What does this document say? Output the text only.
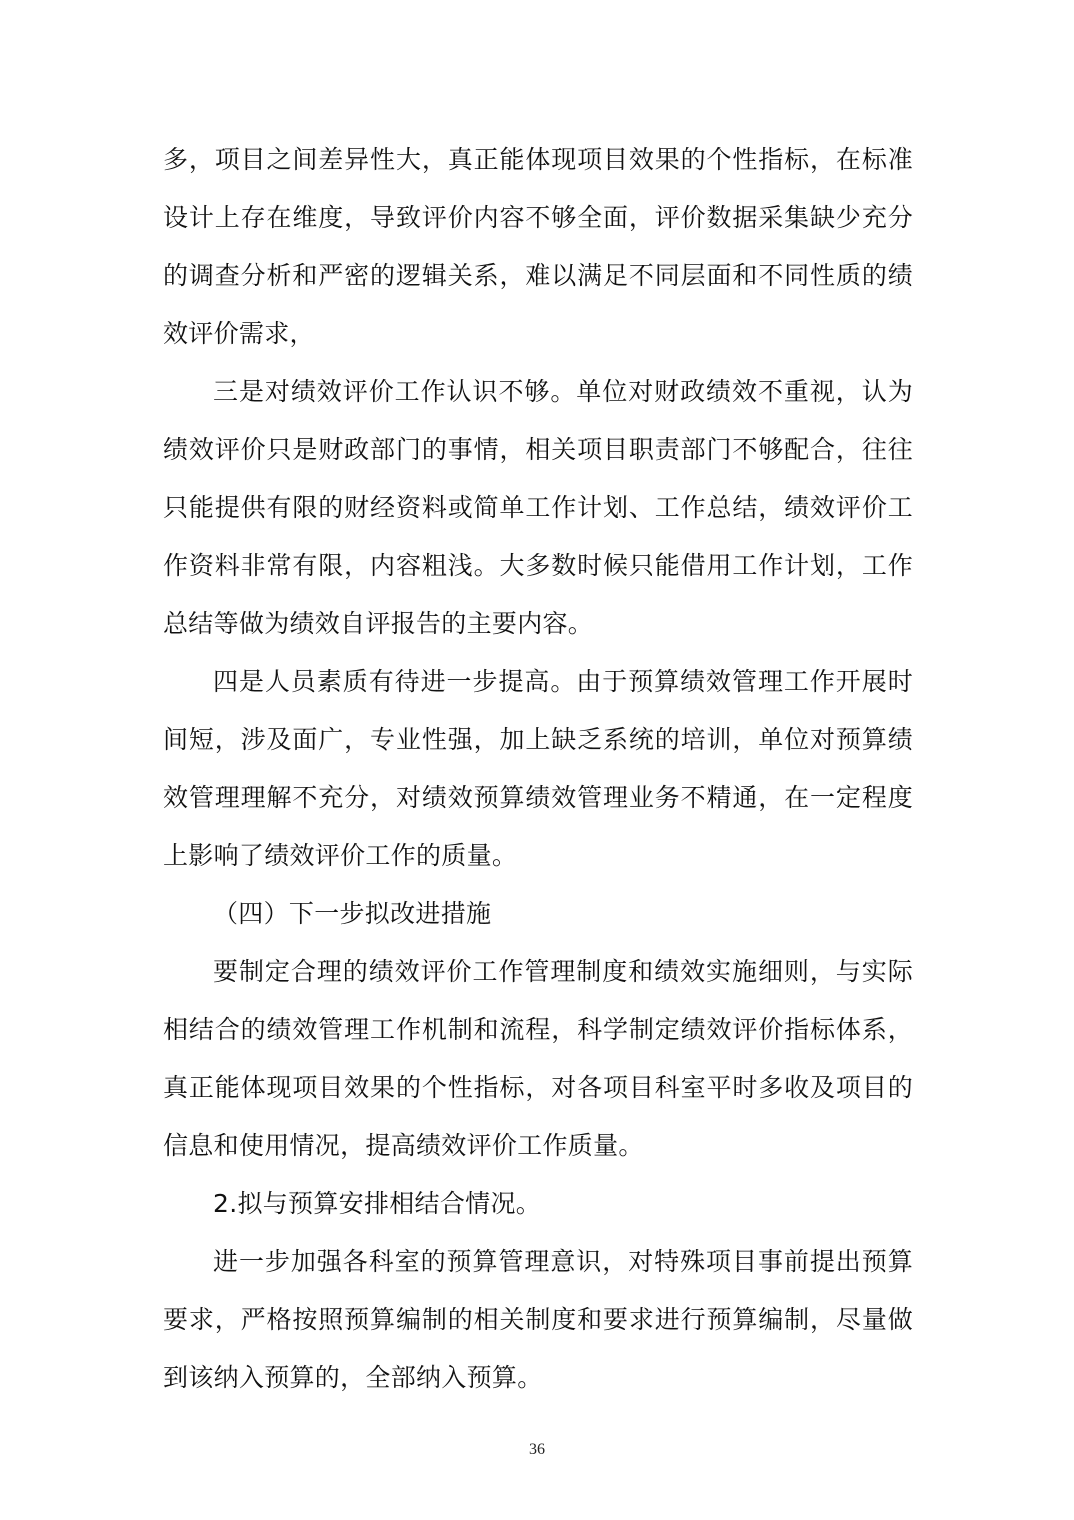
多，项目之间差异性大，真正能体现项目效果的个性指标，在标准设计上存在维度，导致评价内容不够全面，评价数据采集缺少充分的调查分析和严密的逻辑关系，难以满足不同层面和不同性质的绩效评价需求，

三是对绩效评价工作认识不够。单位对财政绩效不重视，认为绩效评价只是财政部门的事情，相关项目职责部门不够配合，往往只能提供有限的财经资料或简单工作计划、工作总结，绩效评价工作资料非常有限，内容粗浅。大多数时候只能借用工作计划，工作总结等做为绩效自评报告的主要内容。

四是人员素质有待进一步提高。由于预算绩效管理工作开展时间短，涉及面广，专业性强，加上缺乏系统的培训，单位对预算绩效管理理解不充分，对绩效预算绩效管理业务不精通，在一定程度上影响了绩效评价工作的质量。

（四）下一步拟改进措施

要制定合理的绩效评价工作管理制度和绩效实施细则，与实际相结合的绩效管理工作机制和流程，科学制定绩效评价指标体系，真正能体现项目效果的个性指标，对各项目科室平时多收及项目的信息和使用情况，提高绩效评价工作质量。

2.拟与预算安排相结合情况。

进一步加强各科室的预算管理意识，对特殊项目事前提出预算要求，严格按照预算编制的相关制度和要求进行预算编制，尽量做到该纳入预算的，全部纳入预算。

36
